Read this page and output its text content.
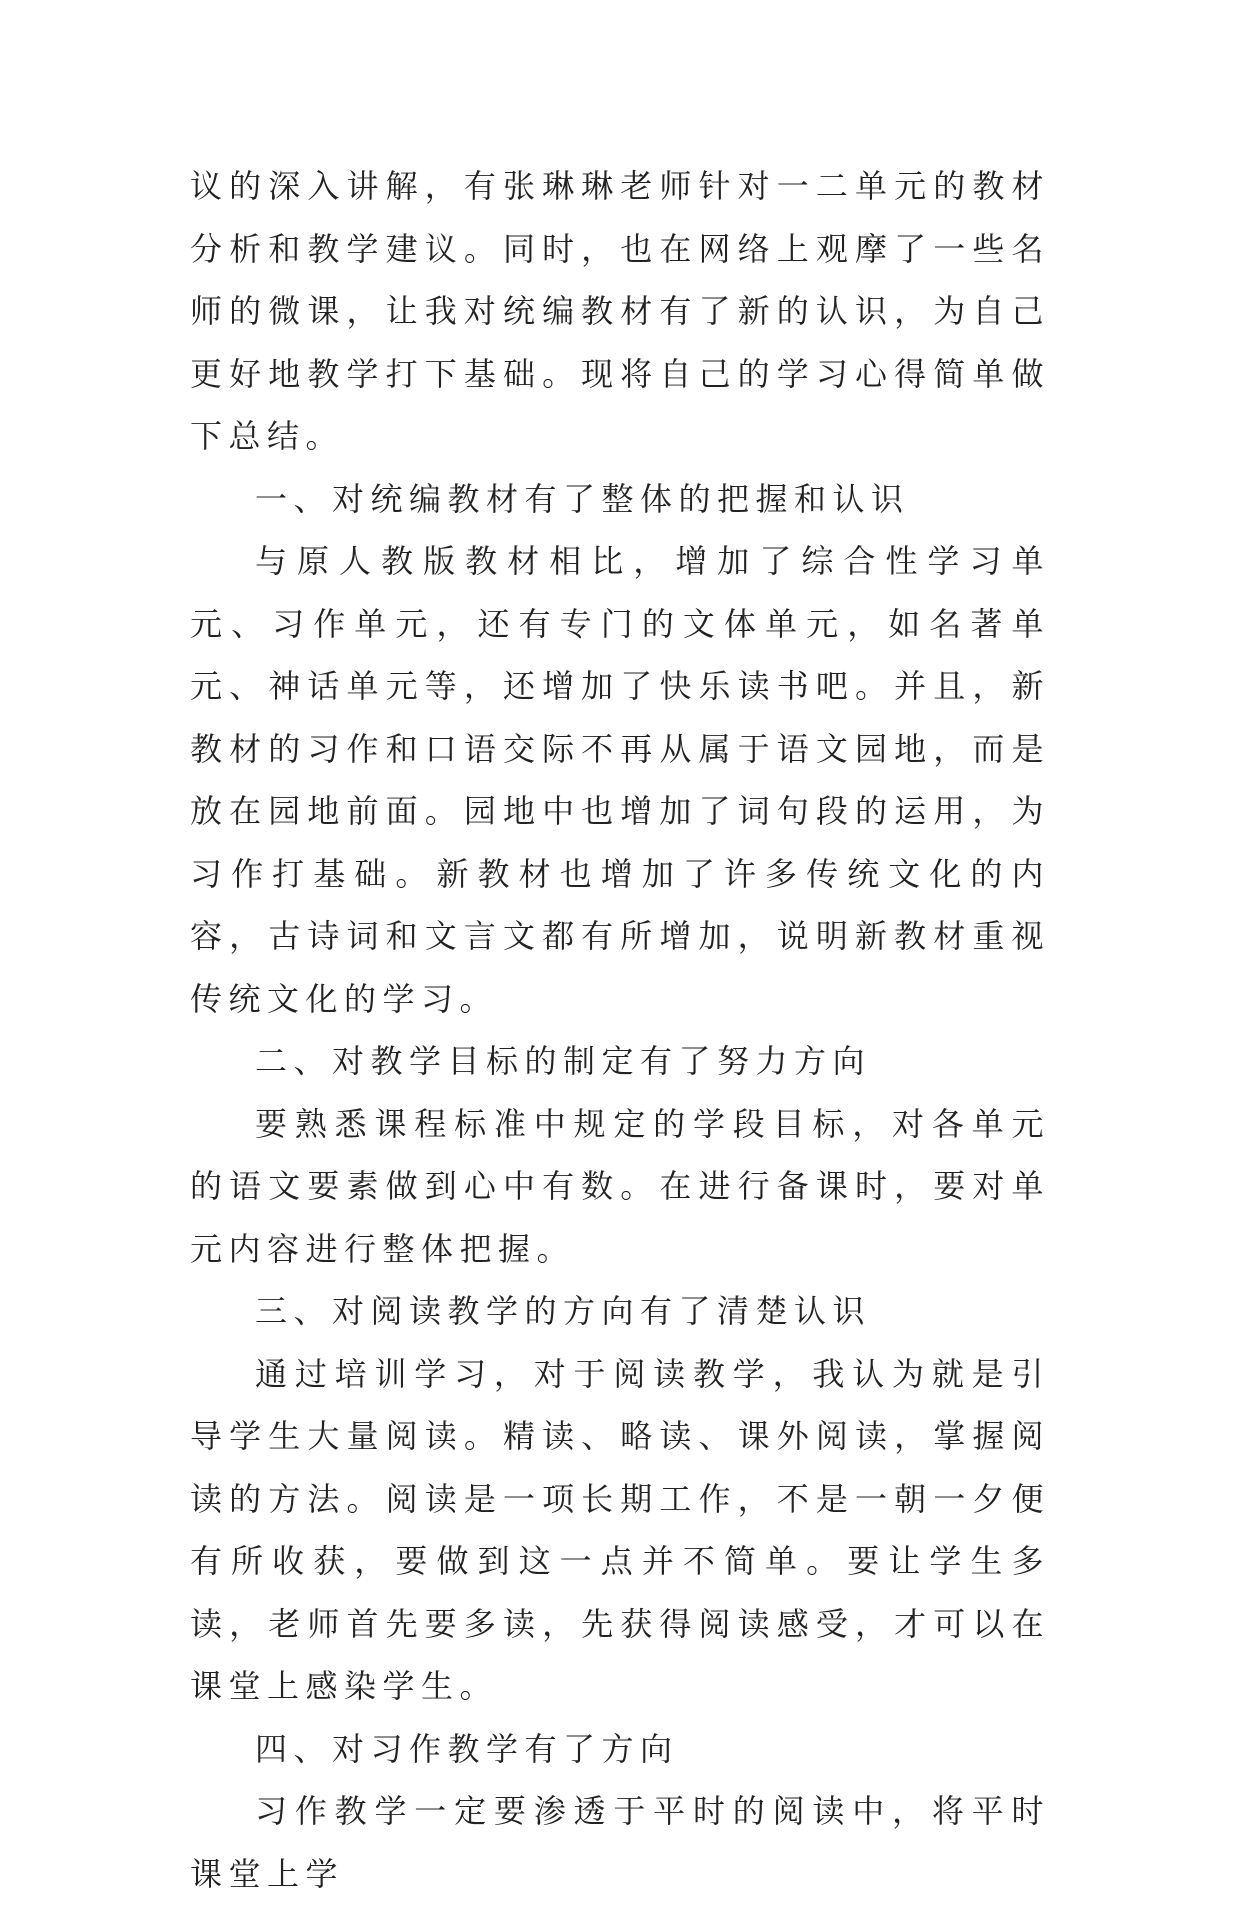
议的深入讲解，有张琳琳老师针对一二单元的教材分析和教学建议。同时，也在网络上观摩了一些名师的微课，让我对统编教材有了新的认识，为自己更好地教学打下基础。现将自己的学习心得简单做下总结。

一、对统编教材有了整体的把握和认识

与原人教版教材相比，增加了综合性学习单元、习作单元，还有专门的文体单元，如名著单元、神话单元等，还增加了快乐读书吧。并且，新教材的习作和口语交际不再从属于语文园地，而是放在园地前面。园地中也增加了词句段的运用，为习作打基础。新教材也增加了许多传统文化的内容，古诗词和文言文都有所增加，说明新教材重视传统文化的学习。

二、对教学目标的制定有了努力方向

要熟悉课程标准中规定的学段目标，对各单元的语文要素做到心中有数。在进行备课时，要对单元内容进行整体把握。

三、对阅读教学的方向有了清楚认识

通过培训学习，对于阅读教学，我认为就是引导学生大量阅读。精读、略读、课外阅读，掌握阅读的方法。阅读是一项长期工作，不是一朝一夕便有所收获，要做到这一点并不简单。要让学生多读，老师首先要多读，先获得阅读感受，才可以在课堂上感染学生。

四、对习作教学有了方向

习作教学一定要渗透于平时的阅读中，将平时课堂上学
